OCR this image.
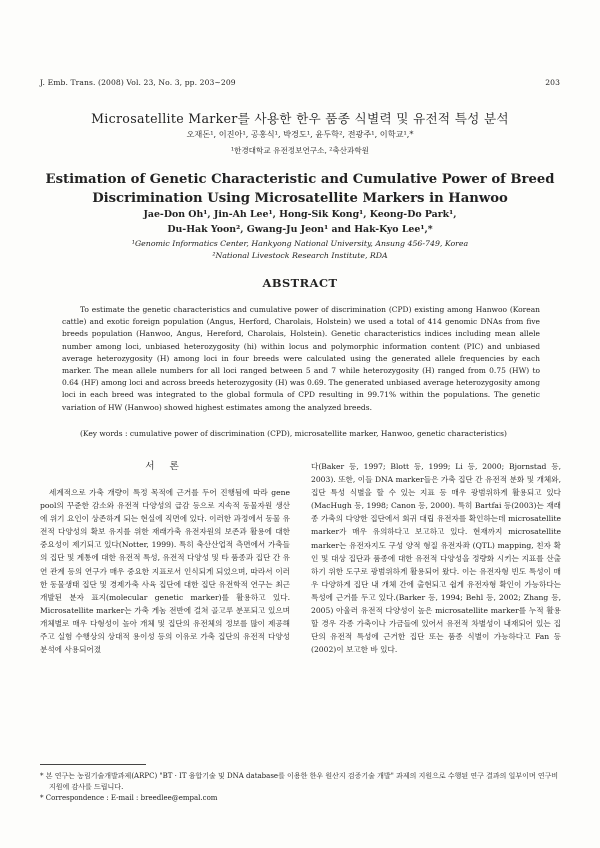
J. Emb. Trans. (2008) Vol. 23, No. 3, pp. 203~209	203
Microsatellite Marker를 사용한 한우 품종 식별력 및 유전적 특성 분석
오재돈¹, 이진아¹, 공홍식¹, 박경도¹, 윤두학², 전광주¹, 이학교¹,*
¹한경대학교 유전정보연구소, ²축산과학원
Estimation of Genetic Characteristic and Cumulative Power of Breed
Discrimination Using Microsatellite Markers in Hanwoo
Jae-Don Oh¹, Jin-Ah Lee¹, Hong-Sik Kong¹, Keong-Do Park¹,
Du-Hak Yoon², Gwang-Ju Jeon¹ and Hak-Kyo Lee¹,*
¹Genomic Informatics Center, Hankyong National University, Ansung 456-749, Korea
²National Livestock Research Institute, RDA
ABSTRACT
To estimate the genetic characteristics and cumulative power of discrimination (CPD) existing among Hanwoo (Korean cattle) and exotic foreign population (Angus, Herford, Charolais, Holstein) we used a total of 414 genomic DNAs from five breeds population (Hanwoo, Angus, Hereford, Charolais, Holstein). Genetic characteristics indices including mean allele number among loci, unbiased heterozygosity (hi) within locus and polymorphic information content (PIC) and unbiased average heterozygosity (H) among loci in four breeds were calculated using the generated allele frequencies by each marker. The mean allele numbers for all loci ranged between 5 and 7 while heterozygosity (H) ranged from 0.75 (HW) to 0.64 (HF) among loci and across breeds heterozygosity (H) was 0.69. The generated unbiased average heterozygosity among loci in each breed was integrated to the global formula of CPD resulting in 99.71% within the populations. The genetic variation of HW (Hanwoo) showed highest estimates among the analyzed breeds.
(Key words : cumulative power of discrimination (CPD), microsatellite marker, Hanwoo, genetic characteristics)
서 론

세계적으로 가축 개량이 특정 목적에 근거를 두어 진행됨에 따라 gene pool의 꾸준한 감소와 유전적 다양성의 급감 등으로 지속적 동물자원 생산에 위기 요인이 상존하게 되는 현실에 직면에 있다. 이러한 과정에서 동물 유전적 다양성의 확보 유지를 위한 재래가축 유전자원의 보존과 활용에 대한 중요성이 제기되고 있다(Notter, 1999). 특히 축산산업적 측면에서 가축들의 집단 및 계통에 대한 유전적 특성, 유전적 다양성 및 타 품종과 집단 간 유연 관계 등의 연구가 매우 중요한 지표로서 인식되게 되었으며, 따라서 이러한 동물생태 집단 및 경제가축 사육 집단에 대한 집단 유전학적 연구는 최근 개발된 분자 표지(molecular genetic marker)를 활용하고 있다. Microsatellite marker는 가축 게놈 전반에 걸쳐 골고루 분포되고 있으며 개체별로 매우 다형성이 높아 개체 및 집단의 유전체의 정보를 많이 제공해 주고 실험 수행상의 상대적 용이성 등의 이유로 가축 집단의 유전적 다양성 분석에 사용되어졌

다(Baker 등, 1997; Blott 등, 1999; Li 등, 2000; Bjornstad 등, 2003). 또한, 이들 DNA marker들은 가축 집단 간 유전적 분화 및 개체와, 집단 특성 식별을 할 수 있는 지표 등 매우 광범위하게 활용되고 있다(MacHugh 등, 1998; Canon 등, 2000). 특히 Bartfai 등(2003)는 재래종 가축의 다양한 집단에서 회귀 대립 유전자를 확인하는데 microsatellite marker가 매우 유의하다고 보고하고 있다. 현재까지 microsatellite marker는 유전자지도 구성 양적 형질 유전자좌 (QTL) mapping, 친자 확인 및 대상 집단과 품종에 대한 유전적 다양성을 정량화 시키는 지표를 산출하기 위한 도구로 광범위하게 활용되어 왔다. 이는 유전자형 빈도 특성이 매우 다양하게 집단 내 개체 간에 출현되고 쉽게 유전자형 확인이 가능하다는 특성에 근거를 두고 있다.(Barker 등, 1994; Behl 등, 2002; Zhang 등, 2005) 아울러 유전적 다양성이 높은 microsatellite marker를 누적 활용할 경우 각종 가축이나 가금들에 있어서 유전적 차별성이 내재되어 있는 집단의 유전적 특성에 근거한 집단 또는 품종 식별이 가능하다고 Fan 등(2002)이 보고한 바 있다.

* 본 연구는 농림기술개발과제(ARPC) "BT · IT 융합기술 및 DNA database를 이용한 한우 원산지 검증기술 개발" 과제의 지원으로 수행된 연구 결과의 일부이며 연구비 지원에 감사를 드립니다.
* Correspondence : E-mail : breedlee@empal.com
